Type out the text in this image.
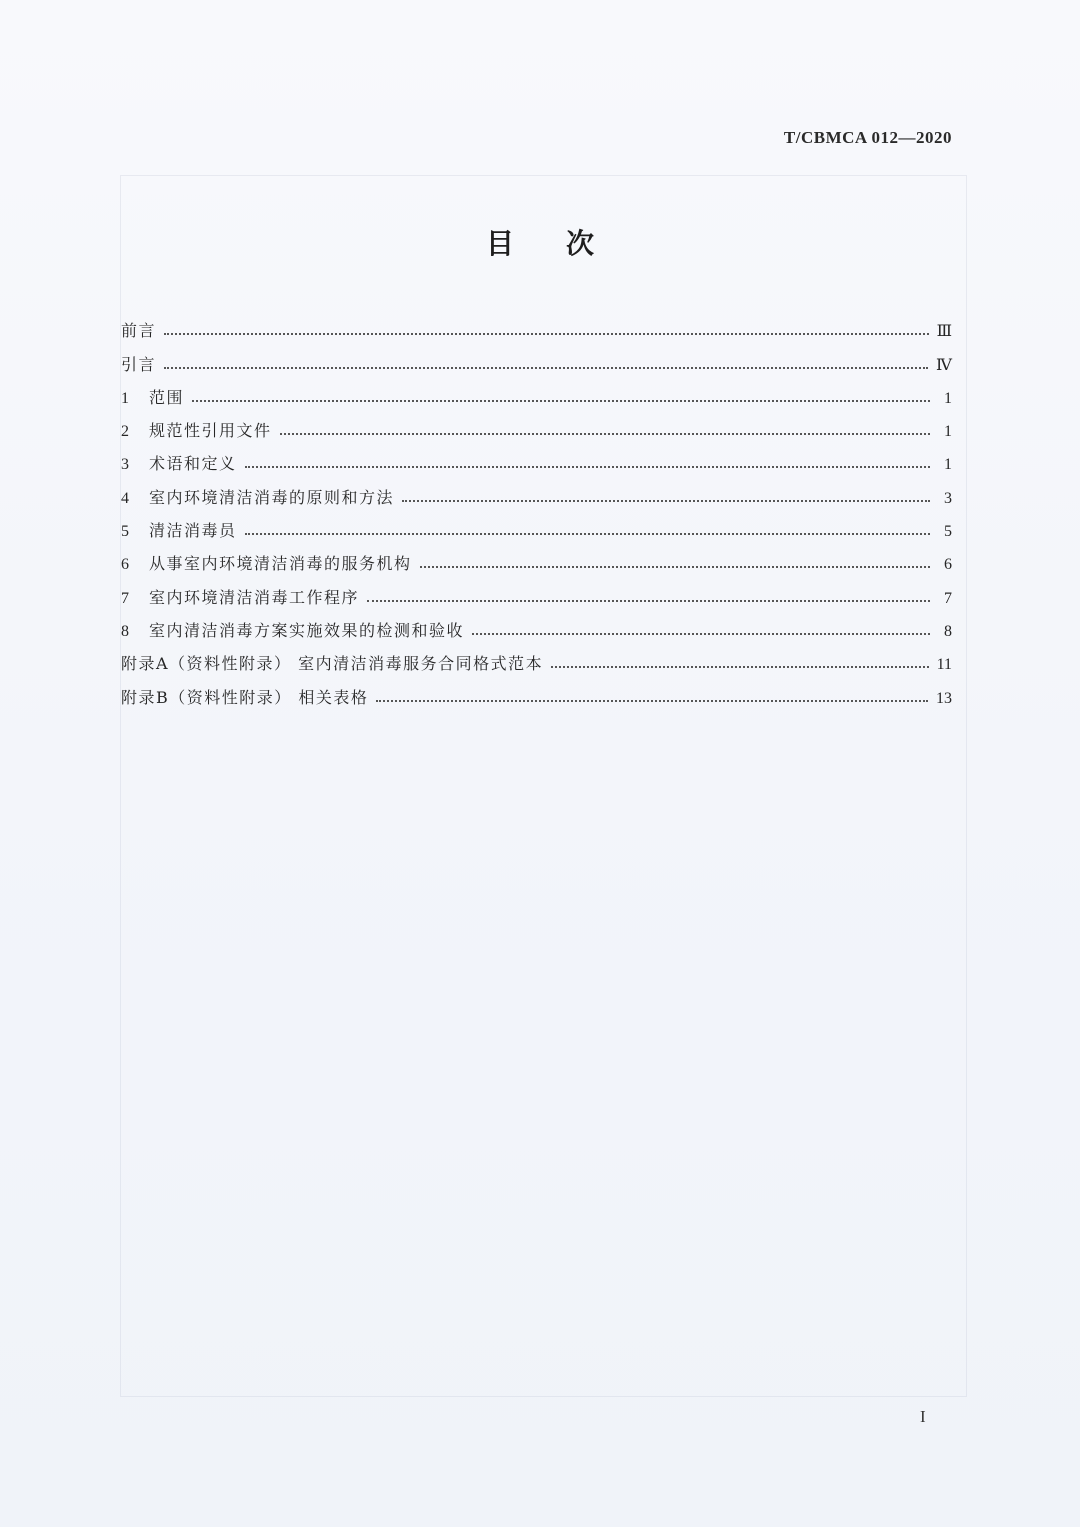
T/CBMCA 012—2020
目次
前言	Ⅲ
引言	Ⅳ
1	范围	1
2	规范性引用文件	1
3	术语和定义	1
4	室内环境清洁消毒的原则和方法	3
5	清洁消毒员	5
6	从事室内环境清洁消毒的服务机构	6
7	室内环境清洁消毒工作程序	7
8	室内清洁消毒方案实施效果的检测和验收	8
附录A（资料性附录） 室内清洁消毒服务合同格式范本	11
附录B（资料性附录） 相关表格	13
I
